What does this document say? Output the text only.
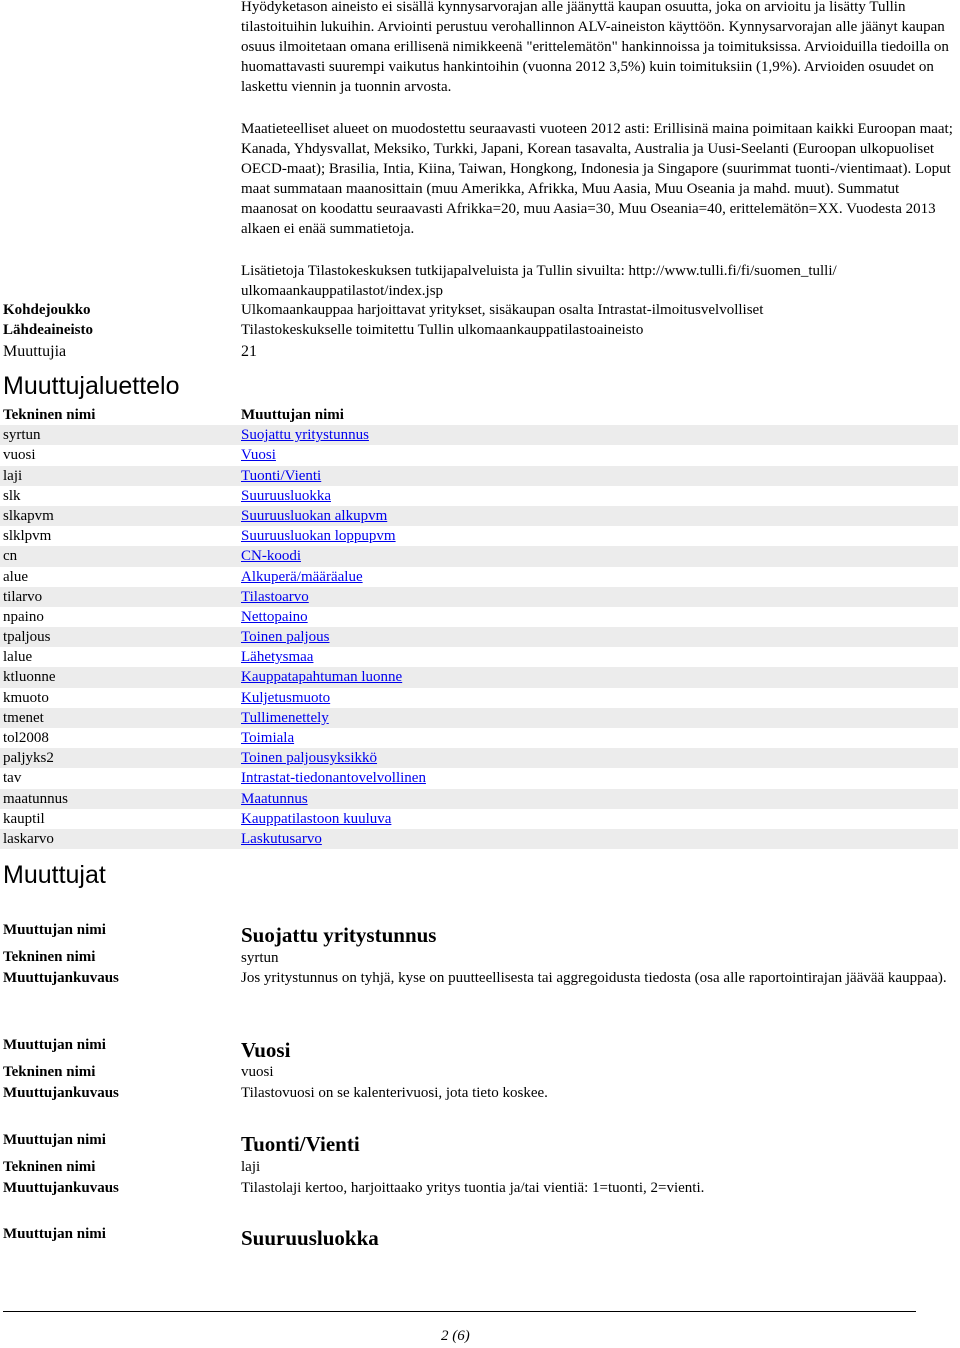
Hyödyketason aineisto ei sisällä kynnysarvorajan alle jäänyttä kaupan osuutta, joka on arvioitu ja lisätty Tullin tilastoituihin lukuihin. Arviointi perustuu verohallinnon ALV-aineiston käyttöön. Kynnysarvorajan alle jäänyt kaupan osuus ilmoitetaan omana erillisenä nimikkeenä "erittelemätön" hankinnoissa ja toimituksissa. Arvioiduilla tiedoilla on huomattavasti suurempi vaikutus hankintoihin (vuonna 2012 3,5%) kuin toimituksiin (1,9%). Arvioiden osuudet on laskettu viennin ja tuonnin arvosta.

Maatieteelliset alueet on muodostettu seuraavasti vuoteen 2012 asti: Erillisinä maina poimitaan kaikki Euroopan maat; Kanada, Yhdysvallat, Meksiko, Turkki, Japani, Korean tasavalta, Australia ja Uusi-Seelanti (Euroopan ulkopuoliset OECD-maat); Brasilia, Intia, Kiina, Taiwan, Hongkong, Indonesia ja Singapore (suurimmat tuonti-/vientimaat). Loput maat summataan maanosittain (muu Amerikka, Afrikka, Muu Aasia, Muu Oseania ja mahd. muut). Summatut maanosat on koodattu seuraavasti Afrikka=20, muu Aasia=30, Muu Oseania=40, erittelemätön=XX. Vuodesta 2013 alkaen ei enää summatietoja.

Lisätietoja Tilastokeskuksen tutkijapalveluista ja Tullin sivuilta: http://www.tulli.fi/fi/suomen_tulli/ ulkomaankauppatilastot/index.jsp

Kohdejoukko	Ulkomaankauppaa harjoittavat yritykset, sisäkaupan osalta Intrastat-ilmoitusvelvolliset
Lähdeaineisto	Tilastokeskukselle toimitettu Tullin ulkomaankauppatilastoaineisto
Muuttujia	21
Muuttujaluettelo
Tekninen nimi	Muuttujan nimi
syrtun	Suojattu yritystunnus
vuosi	Vuosi
laji	Tuonti/Vienti
slk	Suuruusluokka
slkapvm	Suuruusluokan alkupvm
slklpvm	Suuruusluokan loppupvm
cn	CN-koodi
alue	Alkuperä/määräalue
tilarvo	Tilastoarvo
npaino	Nettopaino
tpaljous	Toinen paljous
lalue	Lähetysmaa
ktluonne	Kauppatapahtuman luonne
kmuoto	Kuljetusmuoto
tmenet	Tullimenettely
tol2008	Toimiala
paljyks2	Toinen paljousyksikkö
tav	Intrastat-tiedonantovelvollinen
maatunnus	Maatunnus
kauptil	Kauppatilastoon kuuluva
laskarvo	Laskutusarvo
Muuttujat
Muuttujan nimi	Suojattu yritystunnus
Tekninen nimi	syrtun
Muuttujankuvaus	Jos yritystunnus on tyhjä, kyse on puutteellisesta tai aggregoidusta tiedosta (osa alle raportointirajan jäävää kauppaa).
Muuttujan nimi	Vuosi
Tekninen nimi	vuosi
Muuttujankuvaus	Tilastovuosi on se kalenterivuosi, jota tieto koskee.
Muuttujan nimi	Tuonti/Vienti
Tekninen nimi	laji
Muuttujankuvaus	Tilastolaji kertoo, harjoittaako yritys tuontia ja/tai vientiä: 1=tuonti, 2=vienti.
Muuttujan nimi	Suuruusluokka
2 (6)
